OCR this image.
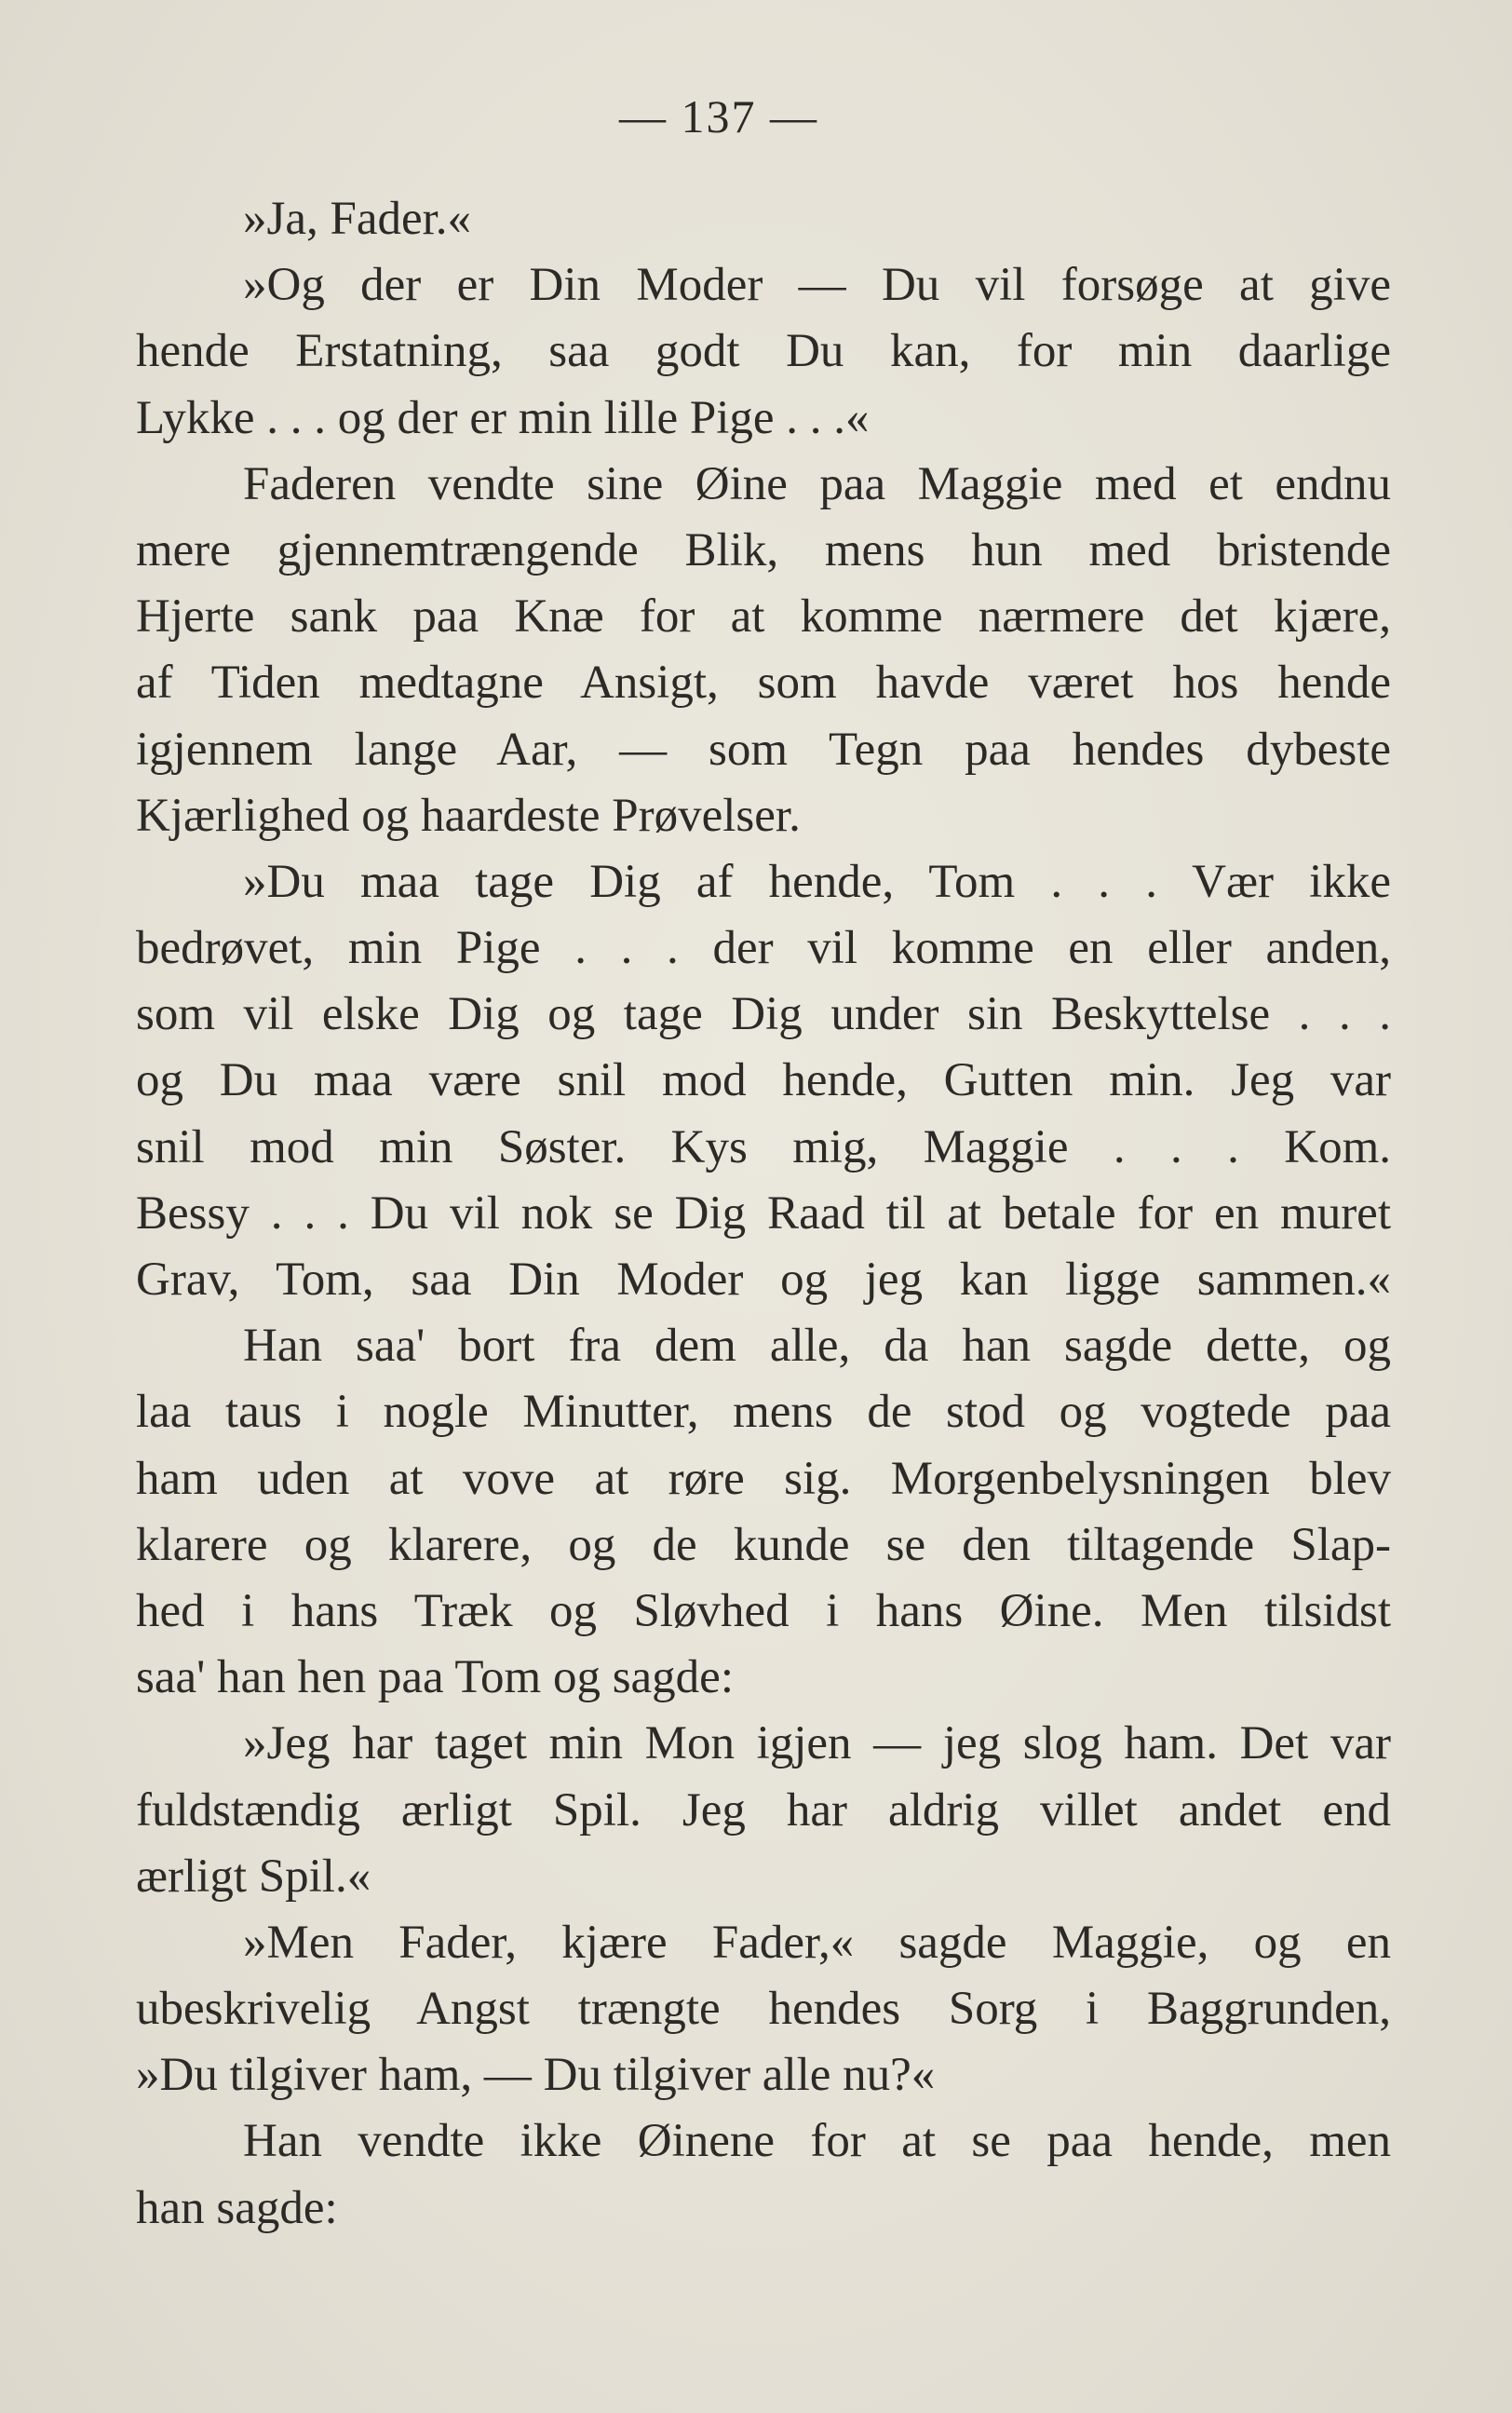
— 137 —
»Ja, Fader.«
»Og der er Din Moder — Du vil forsøge at give
hende Erstatning, saa godt Du kan, for min daarlige
Lykke . . . og der er min lille Pige . . .«
Faderen vendte sine Øine paa Maggie med et endnu
mere gjennemtrængende Blik, mens hun med bristende
Hjerte sank paa Knæ for at komme nærmere det kjære,
af Tiden medtagne Ansigt, som havde været hos hende
igjennem lange Aar, — som Tegn paa hendes dybeste
Kjærlighed og haardeste Prøvelser.
»Du maa tage Dig af hende, Tom . . . Vær ikke
bedrøvet, min Pige . . . der vil komme en eller anden,
som vil elske Dig og tage Dig under sin Beskyttelse . . .
og Du maa være snil mod hende, Gutten min. Jeg var
snil mod min Søster. Kys mig, Maggie . . . Kom.
Bessy . . . Du vil nok se Dig Raad til at betale for en muret
Grav, Tom, saa Din Moder og jeg kan ligge sammen.«
Han saa' bort fra dem alle, da han sagde dette, og
laa taus i nogle Minutter, mens de stod og vogtede paa
ham uden at vove at røre sig. Morgenbelysningen blev
klarere og klarere, og de kunde se den tiltagende Slap-
hed i hans Træk og Sløvhed i hans Øine. Men tilsidst
saa' han hen paa Tom og sagde:
»Jeg har taget min Mon igjen — jeg slog ham. Det var
fuldstændig ærligt Spil. Jeg har aldrig villet andet end
ærligt Spil.«
»Men Fader, kjære Fader,« sagde Maggie, og en
ubeskrivelig Angst trængte hendes Sorg i Baggrunden,
»Du tilgiver ham, — Du tilgiver alle nu?«
Han vendte ikke Øinene for at se paa hende, men
han sagde:
